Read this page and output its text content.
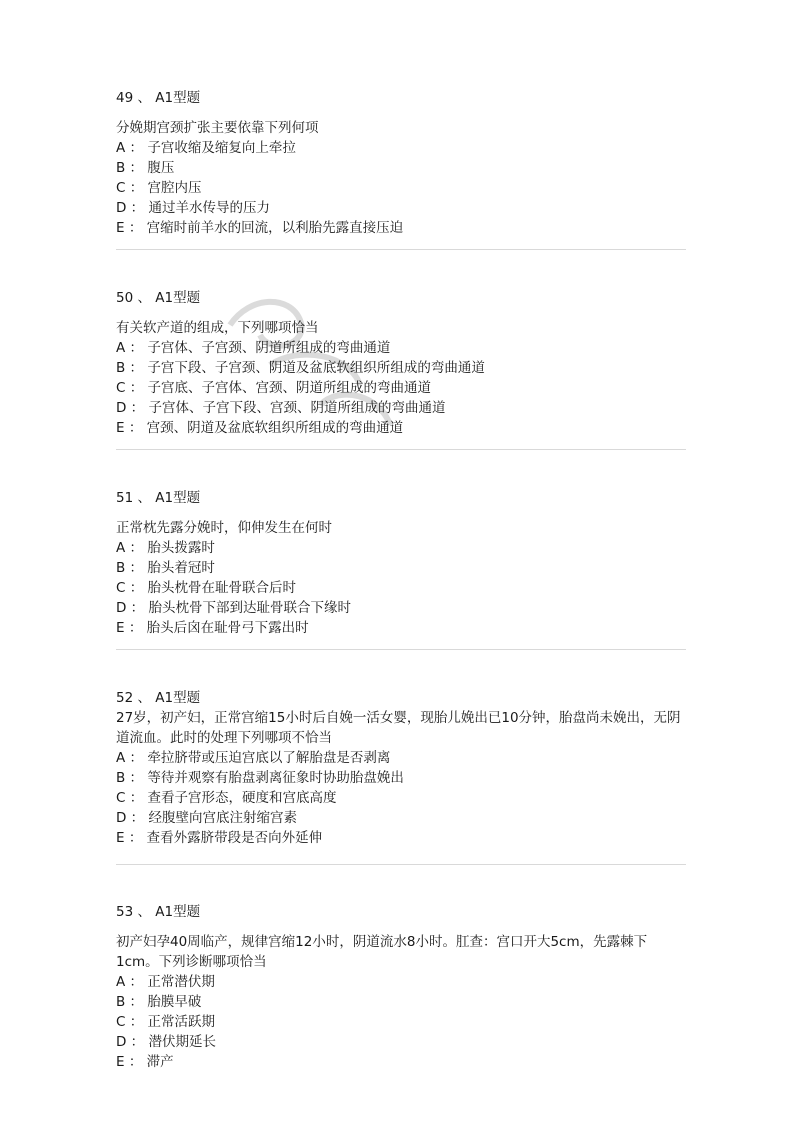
49 、 A1型题
分娩期宫颈扩张主要依靠下列何项
A ： 子宫收缩及缩复向上牵拉
B ： 腹压
C ： 宫腔内压
D ： 通过羊水传导的压力
E ： 宫缩时前羊水的回流，以利胎先露直接压迫
50 、 A1型题
有关软产道的组成，下列哪项恰当
A ： 子宫体、子宫颈、阴道所组成的弯曲通道
B ： 子宫下段、子宫颈、阴道及盆底软组织所组成的弯曲通道
C ： 子宫底、子宫体、宫颈、阴道所组成的弯曲通道
D ： 子宫体、子宫下段、宫颈、阴道所组成的弯曲通道
E ： 宫颈、阴道及盆底软组织所组成的弯曲通道
51 、 A1型题
正常枕先露分娩时，仰伸发生在何时
A ： 胎头拨露时
B ： 胎头着冠时
C ： 胎头枕骨在耻骨联合后时
D ： 胎头枕骨下部到达耻骨联合下缘时
E ： 胎头后囟在耻骨弓下露出时
52 、 A1型题
27岁，初产妇，正常宫缩15小时后自娩一活女婴，现胎儿娩出已10分钟，胎盘尚未娩出，无阴道流血。此时的处理下列哪项不恰当
A ： 牵拉脐带或压迫宫底以了解胎盘是否剥离
B ： 等待并观察有胎盘剥离征象时协助胎盘娩出
C ： 查看子宫形态，硬度和宫底高度
D ： 经腹壁向宫底注射缩宫素
E ： 查看外露脐带段是否向外延伸
53 、 A1型题
初产妇孕40周临产，规律宫缩12小时，阴道流水8小时。肛查：宫口开大5cm，先露棘下1cm。下列诊断哪项恰当
A ： 正常潜伏期
B ： 胎膜早破
C ： 正常活跃期
D ： 潜伏期延长
E ： 滞产
